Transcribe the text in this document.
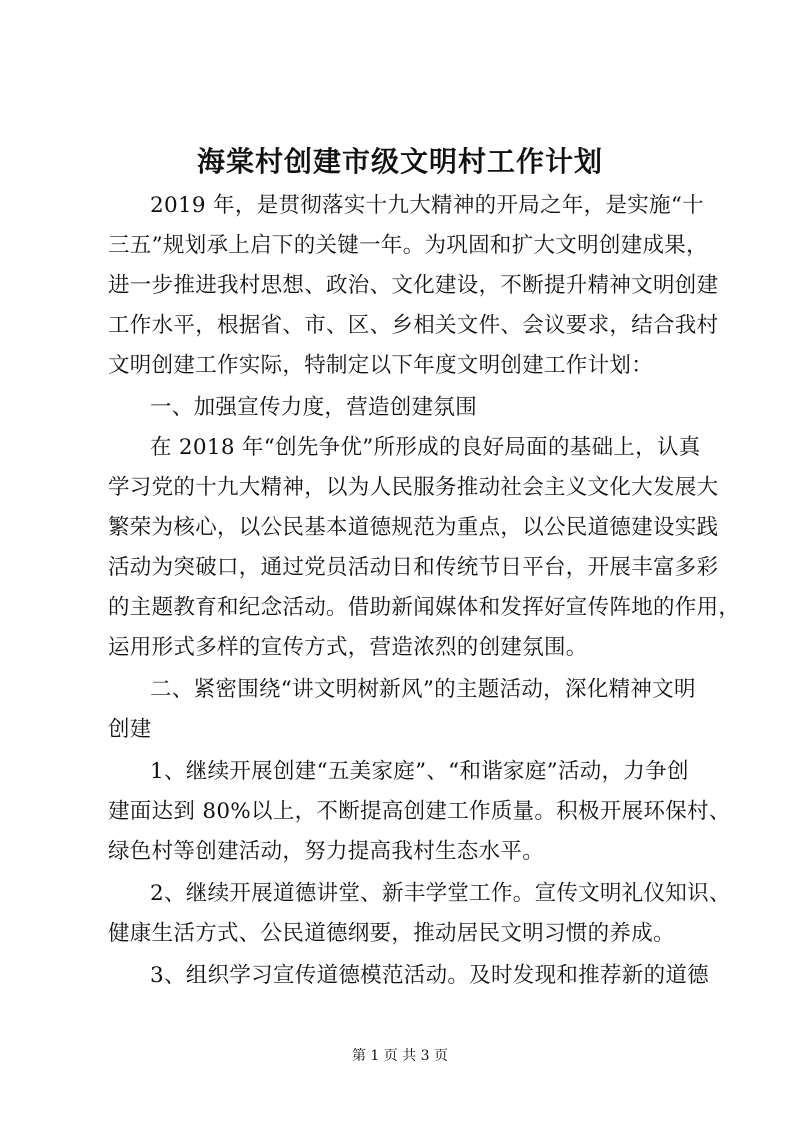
海棠村创建市级文明村工作计划
2019 年，是贯彻落实十九大精神的开局之年，是实施“十
三五”规划承上启下的关键一年。为巩固和扩大文明创建成果，
进一步推进我村思想、政治、文化建设，不断提升精神文明创建
工作水平，根据省、市、区、乡相关文件、会议要求，结合我村
文明创建工作实际，特制定以下年度文明创建工作计划：
一、加强宣传力度，营造创建氛围
在 2018 年“创先争优”所形成的良好局面的基础上，认真
学习党的十九大精神，以为人民服务推动社会主义文化大发展大
繁荣为核心，以公民基本道德规范为重点，以公民道德建设实践
活动为突破口，通过党员活动日和传统节日平台，开展丰富多彩
的主题教育和纪念活动。借助新闻媒体和发挥好宣传阵地的作用，
运用形式多样的宣传方式，营造浓烈的创建氛围。
二、紧密围绕“讲文明树新风”的主题活动，深化精神文明
创建
1、继续开展创建“五美家庭”、“和谐家庭”活动，力争创
建面达到 80%以上，不断提高创建工作质量。积极开展环保村、
绿色村等创建活动，努力提高我村生态水平。
2、继续开展道德讲堂、新丰学堂工作。宣传文明礼仪知识、
健康生活方式、公民道德纲要，推动居民文明习惯的养成。
3、组织学习宣传道德模范活动。及时发现和推荐新的道德
第 1 页 共 3 页
